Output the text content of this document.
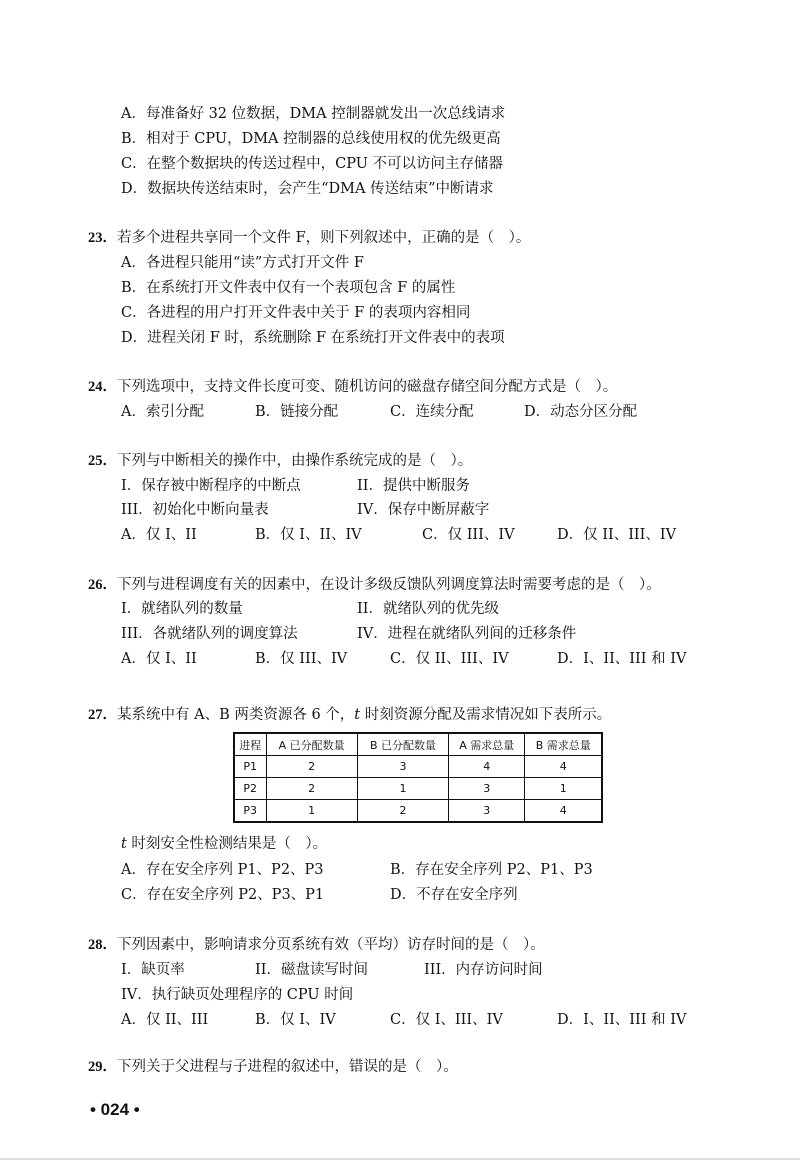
A．每准备好 32 位数据，DMA 控制器就发出一次总线请求
B．相对于 CPU，DMA 控制器的总线使用权的优先级更高
C．在整个数据块的传送过程中，CPU 不可以访问主存储器
D．数据块传送结束时，会产生“DMA 传送结束”中断请求
23．若多个进程共享同一个文件 F，则下列叙述中，正确的是（　）。
A．各进程只能用“读”方式打开文件 F
B．在系统打开文件表中仅有一个表项包含 F 的属性
C．各进程的用户打开文件表中关于 F 的表项内容相同
D．进程关闭 F 时，系统删除 F 在系统打开文件表中的表项
24．下列选项中，支持文件长度可变、随机访问的磁盘存储空间分配方式是（　）。
A．索引分配	B．链接分配	C．连续分配	D．动态分区分配
25．下列与中断相关的操作中，由操作系统完成的是（　）。
I．保存被中断程序的中断点	II．提供中断服务
III．初始化中断向量表	IV．保存中断屏蔽字
A．仅 I、II	B．仅 I、II、IV	C．仅 III、IV	D．仅 II、III、IV
26．下列与进程调度有关的因素中，在设计多级反馈队列调度算法时需要考虑的是（　）。
I．就绪队列的数量	II．就绪队列的优先级
III．各就绪队列的调度算法	IV．进程在就绪队列间的迁移条件
A．仅 I、II	B．仅 III、IV	C．仅 II、III、IV	D．I、II、III 和 IV
27．某系统中有 A、B 两类资源各 6 个，t 时刻资源分配及需求情况如下表所示。
进程	A 已分配数量	B 已分配数量	A 需求总量	B 需求总量
P1	2	3	4	4
P2	2	1	3	1
P3	1	2	3	4
t 时刻安全性检测结果是（　）。
A．存在安全序列 P1、P2、P3	B．存在安全序列 P2、P1、P3
C．存在安全序列 P2、P3、P1	D．不存在安全序列
28．下列因素中，影响请求分页系统有效（平均）访存时间的是（　）。
I．缺页率	II．磁盘读写时间	III．内存访问时间
IV．执行缺页处理程序的 CPU 时间
A．仅 II、III	B．仅 I、IV	C．仅 I、III、IV	D．I、II、III 和 IV
29．下列关于父进程与子进程的叙述中，错误的是（　）。
• 024 •
